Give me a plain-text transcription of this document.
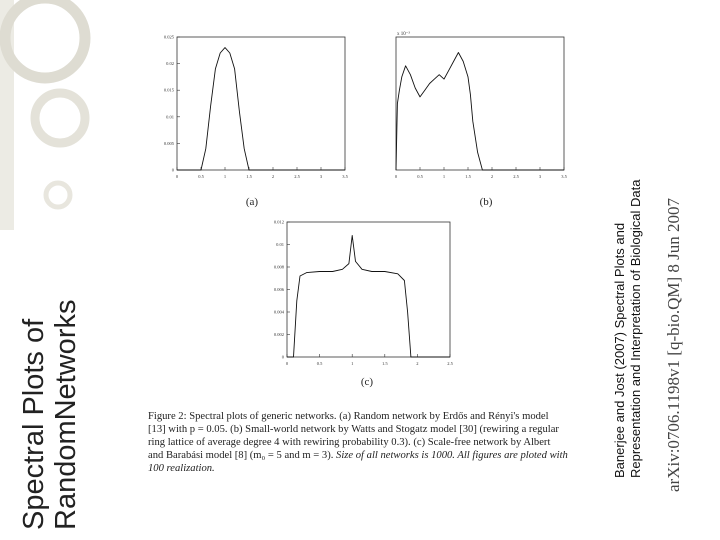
Spectral Plots of RandomNetworks	Banerjee and Jost (2007) Spectral Plots and Representation and Interpretation of Biological Data arXiv:0706.1198v1 [q-bio.QM] 8 Jun 2007
0	0.5	1	1.5	2	2.5	3	3.5
0
0.005
0.01
0.015
0.02
0.025
(a)
0	0.5	1	1.5	2	2.5	3	3.5
x 10⁻³
(b)
0	0.5	1	1.5	2	2.5
0
0.002
0.004
0.006
0.008
0.01
0.012
(c)
Figure 2: Spectral plots of generic networks. (a) Random network by Erdős and Rényi's model [13] with p = 0.05. (b) Small-world network by Watts and Stogatz model [30] (rewiring a regular ring lattice of average degree 4 with rewiring probability 0.3). (c) Scale-free network by Albert and Barabási model [8] (m₀ = 5 and m = 3). Size of all networks is 1000. All figures are ploted with 100 realization.
